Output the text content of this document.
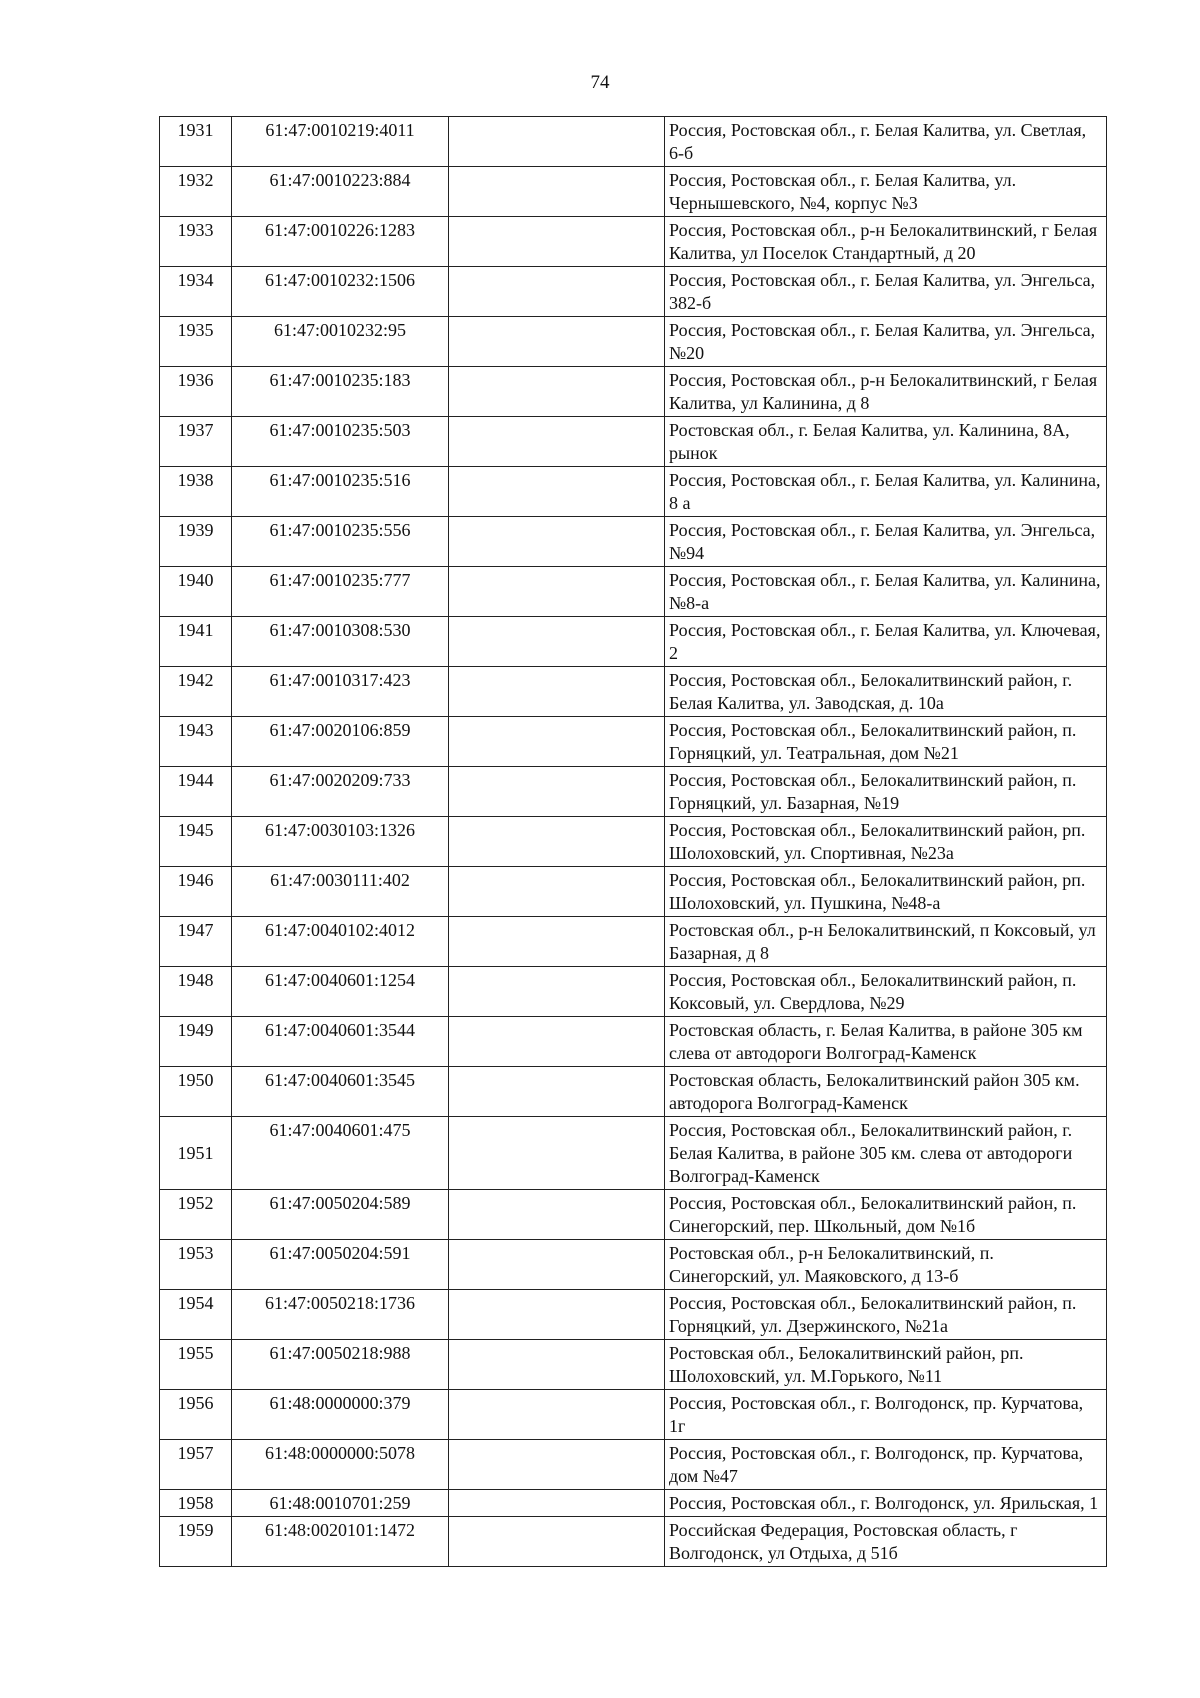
74
1931	61:47:0010219:4011		Россия, Ростовская обл., г. Белая Калитва, ул. Светлая, 6-б
1932	61:47:0010223:884		Россия, Ростовская обл., г. Белая Калитва, ул. Чернышевского, №4, корпус №3
1933	61:47:0010226:1283		Россия, Ростовская обл., р-н Белокалитвинский, г Белая Калитва, ул Поселок Стандартный, д 20
1934	61:47:0010232:1506		Россия, Ростовская обл., г. Белая Калитва, ул. Энгельса, 382-б
1935	61:47:0010232:95		Россия, Ростовская обл., г. Белая Калитва, ул. Энгельса, №20
1936	61:47:0010235:183		Россия, Ростовская обл., р-н Белокалитвинский, г Белая Калитва, ул Калинина, д 8
1937	61:47:0010235:503		Ростовская обл., г. Белая Калитва, ул. Калинина, 8А, рынок
1938	61:47:0010235:516		Россия, Ростовская обл., г. Белая Калитва, ул. Калинина, 8 а
1939	61:47:0010235:556		Россия, Ростовская обл., г. Белая Калитва, ул. Энгельса, №94
1940	61:47:0010235:777		Россия, Ростовская обл., г. Белая Калитва, ул. Калинина, №8-а
1941	61:47:0010308:530		Россия, Ростовская обл., г. Белая Калитва, ул. Ключевая, 2
1942	61:47:0010317:423		Россия, Ростовская обл., Белокалитвинский район, г. Белая Калитва, ул. Заводская, д. 10а
1943	61:47:0020106:859		Россия, Ростовская обл., Белокалитвинский район, п. Горняцкий, ул. Театральная, дом №21
1944	61:47:0020209:733		Россия, Ростовская обл., Белокалитвинский район, п. Горняцкий, ул. Базарная, №19
1945	61:47:0030103:1326		Россия, Ростовская обл., Белокалитвинский район, рп. Шолоховский, ул. Спортивная, №23а
1946	61:47:0030111:402		Россия, Ростовская обл., Белокалитвинский район, рп. Шолоховский, ул. Пушкина, №48-а
1947	61:47:0040102:4012		Ростовская обл., р-н Белокалитвинский, п Коксовый, ул Базарная, д 8
1948	61:47:0040601:1254		Россия, Ростовская обл., Белокалитвинский район, п. Коксовый, ул. Свердлова, №29
1949	61:47:0040601:3544		Ростовская область, г. Белая Калитва, в районе 305 км слева от автодороги Волгоград-Каменск
1950	61:47:0040601:3545		Ростовская область, Белокалитвинский район 305 км. автодорога Волгоград-Каменск
1951	61:47:0040601:475		Россия, Ростовская обл., Белокалитвинский район, г. Белая Калитва, в районе 305 км. слева от автодороги Волгоград-Каменск
1952	61:47:0050204:589		Россия, Ростовская обл., Белокалитвинский район, п. Синегорский, пер. Школьный, дом №1б
1953	61:47:0050204:591		Ростовская обл., р-н Белокалитвинский, п. Синегорский, ул. Маяковского, д 13-б
1954	61:47:0050218:1736		Россия, Ростовская обл., Белокалитвинский район, п. Горняцкий, ул. Дзержинского, №21а
1955	61:47:0050218:988		Ростовская обл., Белокалитвинский район, рп. Шолоховский, ул. М.Горького, №11
1956	61:48:0000000:379		Россия, Ростовская обл., г. Волгодонск, пр. Курчатова, 1г
1957	61:48:0000000:5078		Россия, Ростовская обл., г. Волгодонск, пр. Курчатова, дом №47
1958	61:48:0010701:259		Россия, Ростовская обл., г. Волгодонск, ул. Ярильская, 1
1959	61:48:0020101:1472		Российская Федерация, Ростовская область, г Волгодонск, ул Отдыха, д 51б
